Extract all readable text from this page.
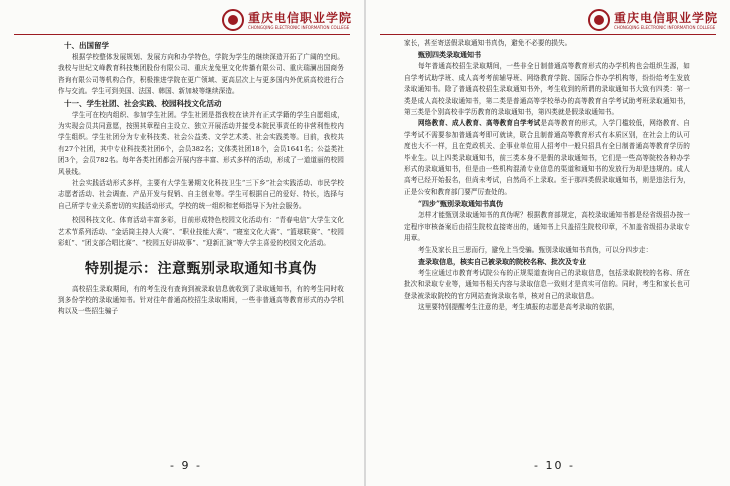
重庆电信职业学院
CHONGQING ELECTRONIC INFORMATION COLLEGE
十、出国留学

根据学校整体发展规划、发展方向和办学特色，学院为学生的继续深造开拓了广阔的空间。我校与世纪文峰教育科技集团股份有限公司、重庆龙兔里文化传播有限公司、重庆瑞澜出国商务咨询有限公司等机构合作，积极推进学院在更广领域、更高层次上与更多国内外优质高校进行合作与交流。学生可到美国、法国、韩国、新加坡等继续深造。

十一、学生社团、社会实践、校园科技文化活动

学生可在校内组织、参加学生社团。学生社团是指我校在读并有正式学籍的学生自愿组成，为实现会员共同意愿，按照其章程自主设立、独立开展活动并接受本院民事责任的非营利性校内学生组织。学生社团分为专业科技类、社会公益类、文学艺术类、社会实践类等。目前，我校共有27个社团，其中专业科技类社团6个，会员382名；文体类社团18个，会员1641名；公益类社团3个，会员782名。每年各类社团都会开展内容丰富、形式多样的活动，形成了一道道丽的校园风景线。

社会实践活动形式多样，主要有大学生暑期文化科技卫生“三下乡”社会实践活动、市民学校志愿者活动、社会调查、产品开发与促销、自主创业等。学生可根据自己的爱好、特长，选择与自己所学专业关系密切的实践活动形式，学校的统一组织和老师指导下为社会服务。

校园科技文化、体育活动丰富多彩，目前形成特色校园文化活动有：“青春电信”大学生文化艺术节系列活动、“金话筒主持人大赛”、“职业技能大赛”、“寝室文化大赛”、“篮球联赛”、“校园彩虹”、“团支部合唱比赛”、“校园五好讲故事”、“迎新汇演”等大学主喜爱的校园文化活动。

特别提示：注意甄别录取通知书真伪

高校招生录取期间，有的考生没有查询到被录取信息就收到了录取通知书，有的考生同时收到多份学校的录取通知书。针对往年普通高校招生录取期间，一些非普通高等教育形式的办学机构以及一些招生骗子

- 9 -
重庆电信职业学院
CHONGQING ELECTRONIC INFORMATION COLLEGE

家长，甚至寄送假录取通知书真伪，避免不必要的损失。

甄别四类录取通知书

每年普通高校招生录取期间，一些非全日制普通高等教育形式的办学机构也会组织生源，如自学考试助学班、成人高考考前辅导班、网络教育学院、国际合作办学机构等，纷纷给考生发放录取通知书。除了普通高校招生录取通知书外，考生收到的所谓的录取通知书大致有四类：第一类是成人高校录取通知书，第二类是普通高等学校举办的高等教育自学考试助考班录取通知书，第三类是个别高校非学历教育的录取通知书，第四类就是假录取通知书。

网络教育、成人教育、高等教育自学考试是高等教育的形式，入学门槛较低，网络教育、自学考试不需要参加普通高考即可就读，联合且制普通高等教育形式有本质区别，在社会上的认可度也大不一样，且在党政机关、企事业单位用人招考中一般只招具有全日制普通高等教育学历的毕业生。以上四类录取通知书，前三类本身不是假的录取通知书，它们是一些高等院校各种办学形式的录取通知书，但是由一些机构混淆专业信息的渠道和通知书的发放行为却是违规的。成人高考已经开始报名，但尚未考试，自然尚不上录取。至于那四类假录取通知书，则是违法行为，正是公安和教育部门要严厉查处的。

“四步”甄别录取通知书真伪

怎样才能甄别录取通知书的真伪呢？根据教育部规定，高校录取通知书都是经省级招办按一定程序审核备案后由招生院校直接寄出的，通知书上只盖招生院校印章，不加盖省级招办录取专用章。

考生及家长且三思而行，避免上当受骗。甄别录取通知书真伪，可以分四步走：

查录取信息，核实自己被录取的院校名称、批次及专业

考生应通过市教育考试院公布的正规渠道查询自己的录取信息，包括录取院校的名称、所在批次和录取专业等，通知书相关内容与录取信息一致则才是真实可信的。同时，考生和家长也可登录被录取院校的官方网站查询录取名单，核对自己的录取信息。

这里要特别提醒考生注意的是，考生填报的志愿是高考录取的依据，

- 10 -
